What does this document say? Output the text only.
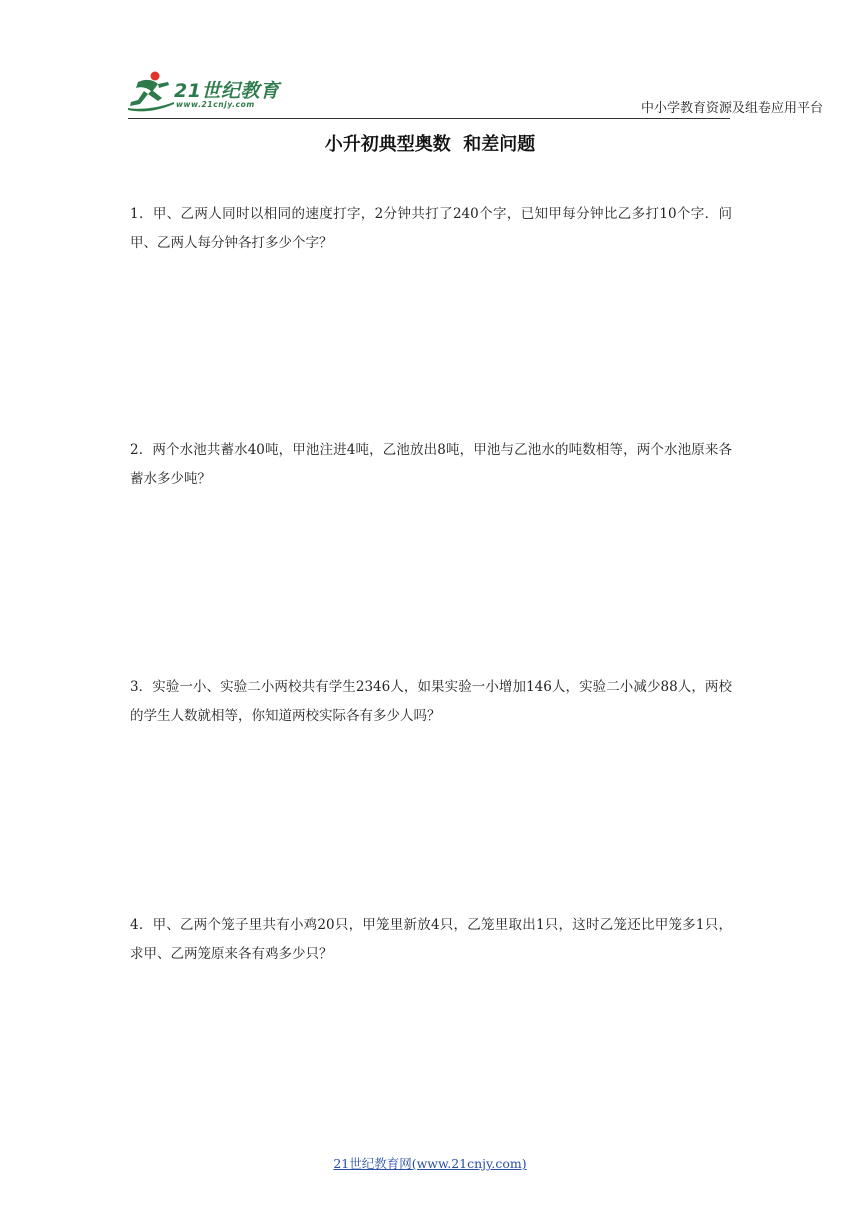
21世纪教育
www.21cnjy.com	中小学教育资源及组卷应用平台
小升初典型奥数  和差问题
1．甲、乙两人同时以相同的速度打字，2分钟共打了240个字，已知甲每分钟比乙多打10个字．问甲、乙两人每分钟各打多少个字？
2．两个水池共蓄水40吨，甲池注进4吨，乙池放出8吨，甲池与乙池水的吨数相等，两个水池原来各蓄水多少吨？
3．实验一小、实验二小两校共有学生2346人，如果实验一小增加146人，实验二小减少88人，两校的学生人数就相等，你知道两校实际各有多少人吗？
4．甲、乙两个笼子里共有小鸡20只，甲笼里新放4只，乙笼里取出1只，这时乙笼还比甲笼多1只，求甲、乙两笼原来各有鸡多少只？
21世纪教育网(www.21cnjy.com)
